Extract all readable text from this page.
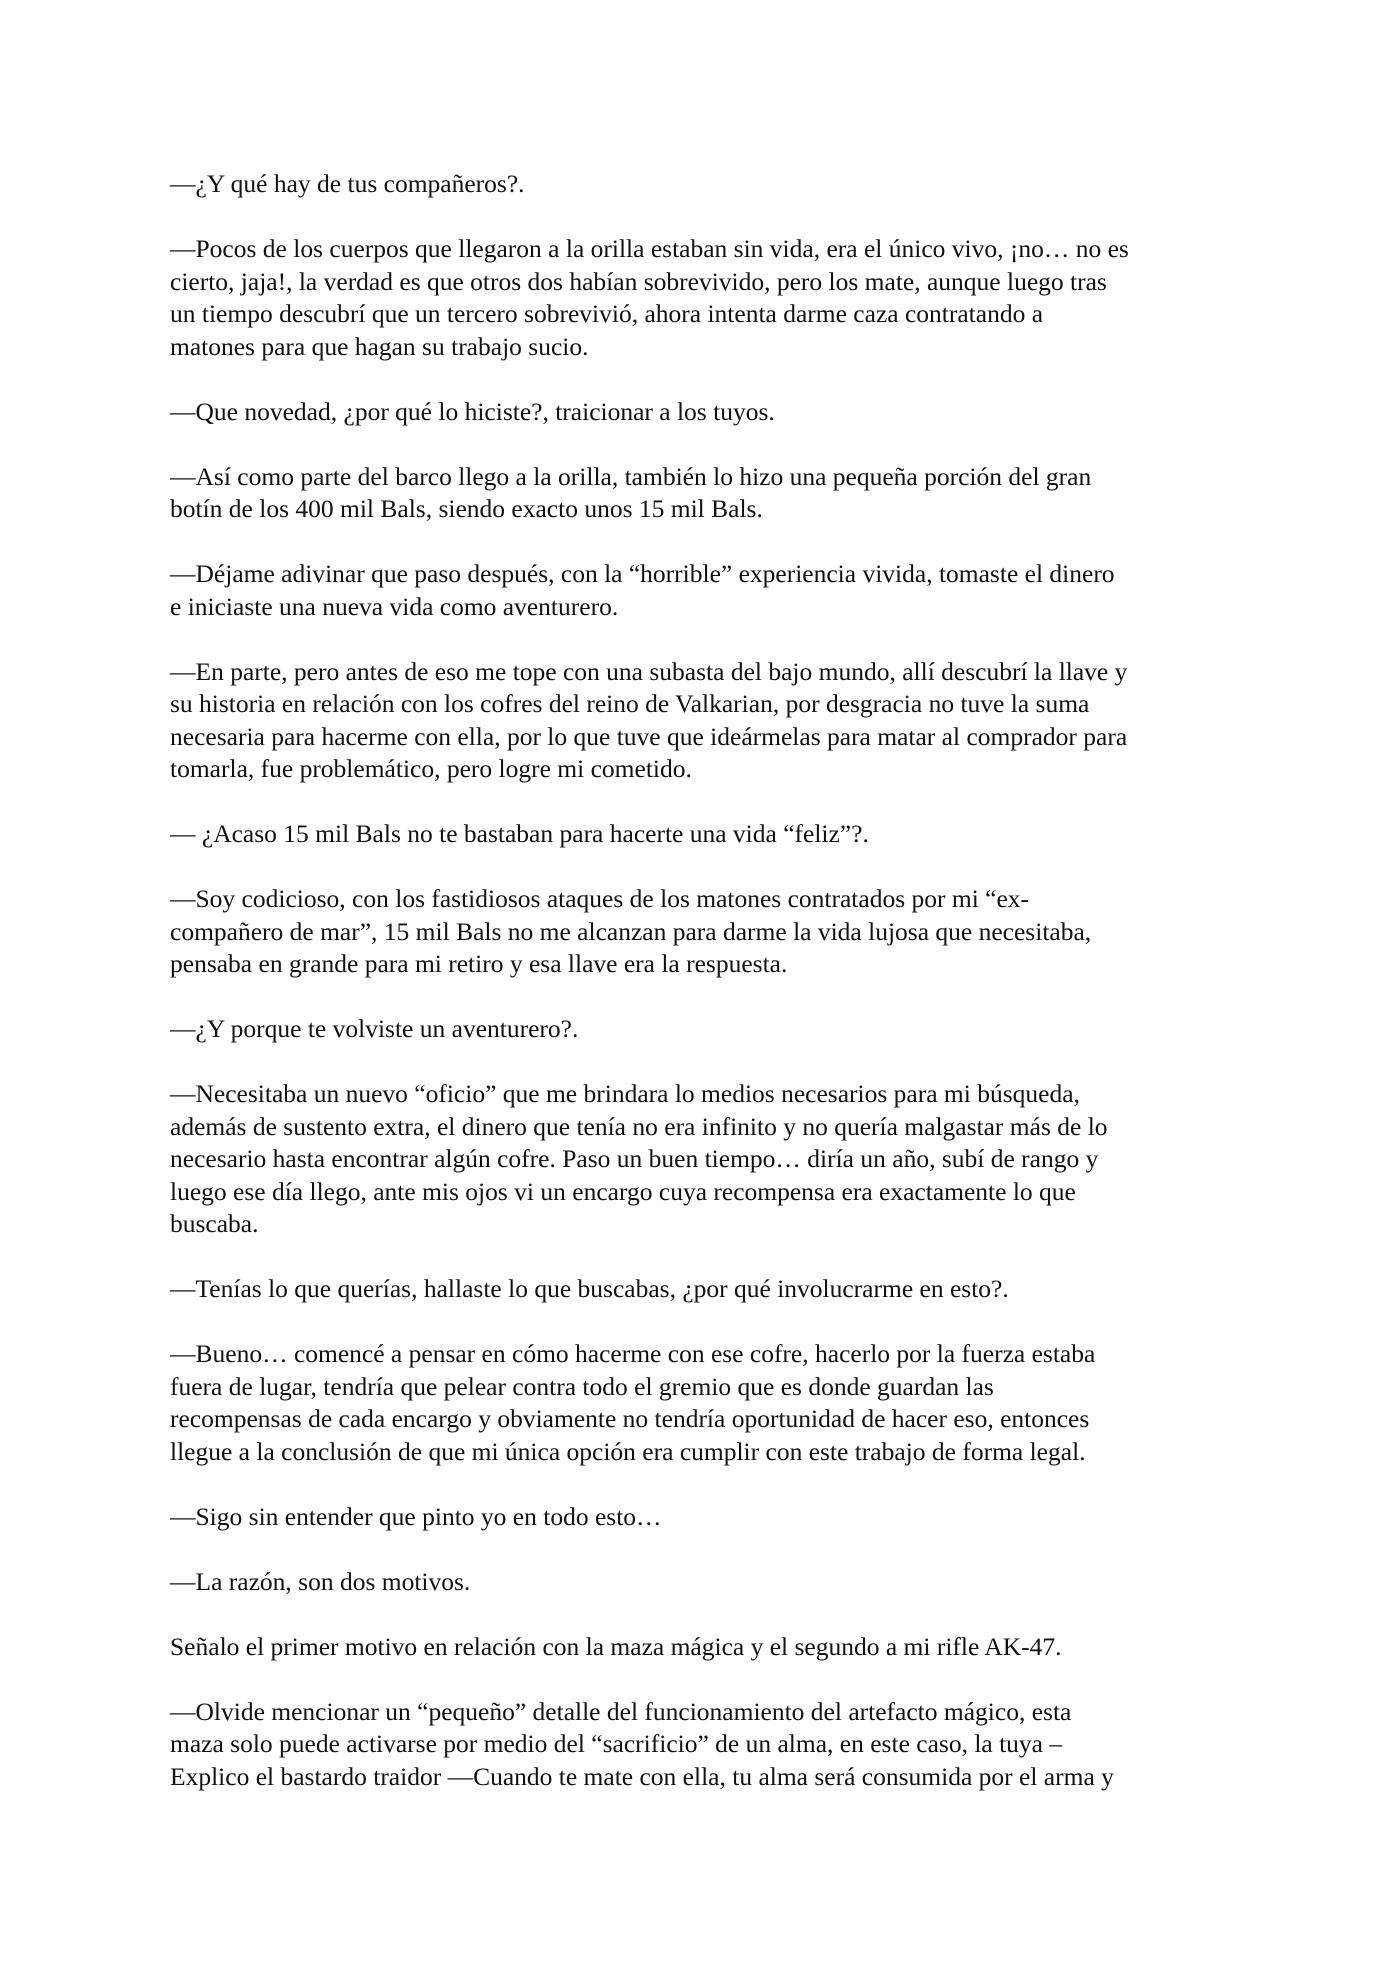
—¿Y qué hay de tus compañeros?.

—Pocos de los cuerpos que llegaron a la orilla estaban sin vida, era el único vivo, ¡no… no es
cierto, jaja!, la verdad es que otros dos habían sobrevivido, pero los mate, aunque luego tras
un tiempo descubrí que un tercero sobrevivió, ahora intenta darme caza contratando a
matones para que hagan su trabajo sucio.

—Que novedad, ¿por qué lo hiciste?, traicionar a los tuyos.

—Así como parte del barco llego a la orilla, también lo hizo una pequeña porción del gran
botín de los 400 mil Bals, siendo exacto unos 15 mil Bals.

—Déjame adivinar que paso después, con la “horrible” experiencia vivida, tomaste el dinero
e iniciaste una nueva vida como aventurero.

—En parte, pero antes de eso me tope con una subasta del bajo mundo, allí descubrí la llave y
su historia en relación con los cofres del reino de Valkarian, por desgracia no tuve la suma
necesaria para hacerme con ella, por lo que tuve que ideármelas para matar al comprador para
tomarla, fue problemático, pero logre mi cometido.

— ¿Acaso 15 mil Bals no te bastaban para hacerte una vida “feliz”?.

—Soy codicioso, con los fastidiosos ataques de los matones contratados por mi “ex-
compañero de mar”, 15 mil Bals no me alcanzan para darme la vida lujosa que necesitaba,
pensaba en grande para mi retiro y esa llave era la respuesta.

—¿Y porque te volviste un aventurero?.

—Necesitaba un nuevo “oficio” que me brindara lo medios necesarios para mi búsqueda,
además de sustento extra, el dinero que tenía no era infinito y no quería malgastar más de lo
necesario hasta encontrar algún cofre. Paso un buen tiempo… diría un año, subí de rango y
luego ese día llego, ante mis ojos vi un encargo cuya recompensa era exactamente lo que
buscaba.

—Tenías lo que querías, hallaste lo que buscabas, ¿por qué involucrarme en esto?.

—Bueno… comencé a pensar en cómo hacerme con ese cofre, hacerlo por la fuerza estaba
fuera de lugar, tendría que pelear contra todo el gremio que es donde guardan las
recompensas de cada encargo y obviamente no tendría oportunidad de hacer eso, entonces
llegue a la conclusión de que mi única opción era cumplir con este trabajo de forma legal.

—Sigo sin entender que pinto yo en todo esto…

—La razón, son dos motivos.

Señalo el primer motivo en relación con la maza mágica y el segundo a mi rifle AK-47.

—Olvide mencionar un “pequeño” detalle del funcionamiento del artefacto mágico, esta
maza solo puede activarse por medio del “sacrificio” de un alma, en este caso, la tuya –
Explico el bastardo traidor —Cuando te mate con ella, tu alma será consumida por el arma y
